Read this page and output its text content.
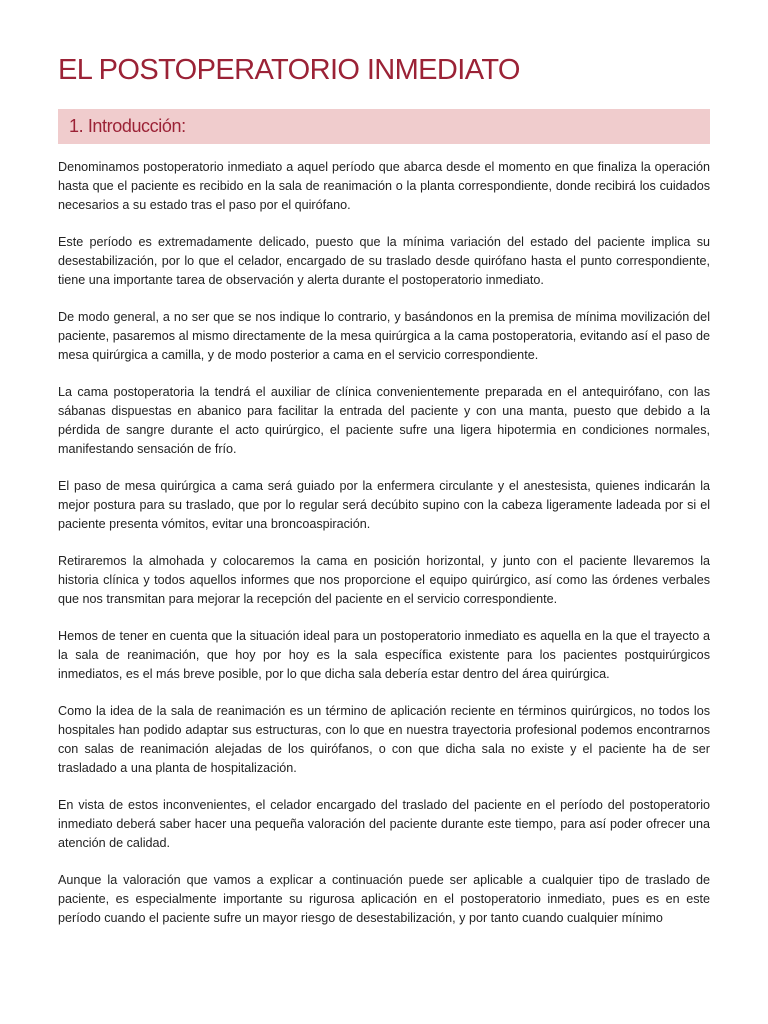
EL POSTOPERATORIO INMEDIATO
1. Introducción:

Denominamos postoperatorio inmediato a aquel período que abarca desde el momento en que finaliza la operación hasta que el paciente es recibido en la sala de reanimación o la planta correspondiente, donde recibirá los cuidados necesarios a su estado tras el paso por el quirófano.

Este período es extremadamente delicado, puesto que la mínima variación del estado del paciente implica su desestabilización, por lo que el celador, encargado de su traslado desde quirófano hasta el punto correspondiente, tiene una importante tarea de observación y alerta durante el postoperatorio inmediato.

De modo general, a no ser que se nos indique lo contrario, y basándonos en la premisa de mínima movilización del paciente, pasaremos al mismo directamente de la mesa quirúrgica a la cama postoperatoria, evitando así el paso de mesa quirúrgica a camilla, y de modo posterior a cama en el servicio correspondiente.

La cama postoperatoria la tendrá el auxiliar de clínica convenientemente preparada en el antequirófano, con las sábanas dispuestas en abanico para facilitar la entrada del paciente y con una manta, puesto que debido a la pérdida de sangre durante el acto quirúrgico, el paciente sufre una ligera hipotermia en condiciones normales, manifestando sensación de frío.

El paso de mesa quirúrgica a cama será guiado por la enfermera circulante y el anestesista, quienes indicarán la mejor postura para su traslado, que por lo regular será decúbito supino con la cabeza ligeramente ladeada por si el paciente presenta vómitos, evitar una broncoaspiración.

Retiraremos la almohada y colocaremos la cama en posición horizontal, y junto con el paciente llevaremos la historia clínica y todos aquellos informes que nos proporcione el equipo quirúrgico, así como las órdenes verbales que nos transmitan para mejorar la recepción del paciente en el servicio correspondiente.

Hemos de tener en cuenta que la situación ideal para un postoperatorio inmediato es aquella en la que el trayecto a la sala de reanimación, que hoy por hoy es la sala específica existente para los pacientes postquirúrgicos inmediatos, es el más breve posible, por lo que dicha sala debería estar dentro del área quirúrgica.

Como la idea de la sala de reanimación es un término de aplicación reciente en términos quirúrgicos, no todos los hospitales han podido adaptar sus estructuras, con lo que en nuestra trayectoria profesional podemos encontrarnos con salas de reanimación alejadas de los quirófanos, o con que dicha sala no existe y el paciente ha de ser trasladado a una planta de hospitalización.

En vista de estos inconvenientes, el celador encargado del traslado del paciente en el período del postoperatorio inmediato deberá saber hacer una pequeña valoración del paciente durante este tiempo, para así poder ofrecer una atención de calidad.

Aunque la valoración que vamos a explicar a continuación puede ser aplicable a cualquier tipo de traslado de paciente, es especialmente importante su rigurosa aplicación en el postoperatorio inmediato, pues es en este período cuando el paciente sufre un mayor riesgo de desestabilización, y por tanto cuando cualquier mínimo
